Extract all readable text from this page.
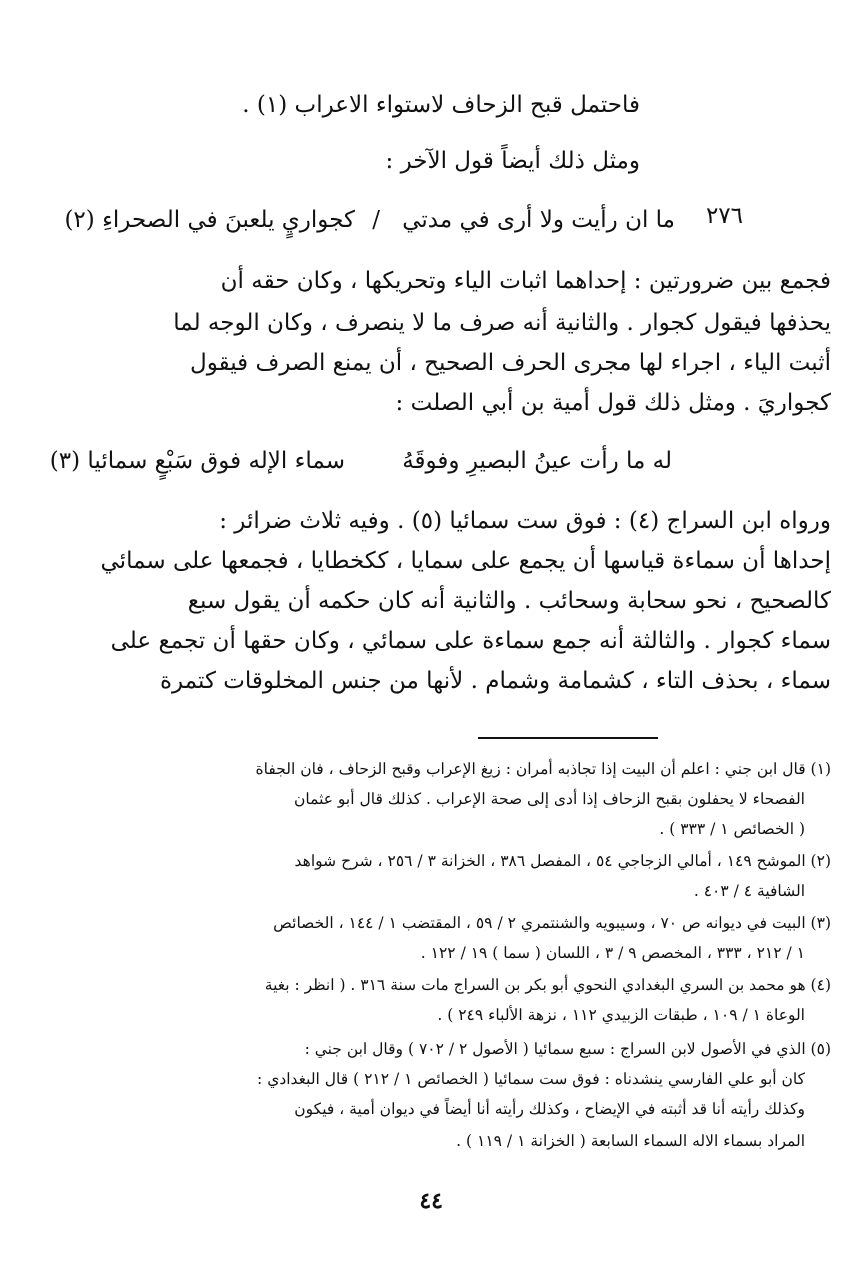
فاحتمل قبح الزحاف لاستواء الاعراب (١) .
ومثل ذلك أيضاً قول الآخر :
٢٧٦
ما ان رأيت ولا أرى في مدتي
/
كجواريٍ يلعبنَ في الصحراءِ (٢)
فجمع بين ضرورتين : إحداهما اثبات الياء وتحريكها ، وكان حقه أن
يحذفها فيقول كجوار . والثانية أنه صرف ما لا ينصرف ، وكان الوجه لما
أثبت الياء ، اجراء لها مجرى الحرف الصحيح ، أن يمنع الصرف فيقول
كجواريَ . ومثل ذلك قول أمية بن أبي الصلت :
له ما رأت عينُ البصيرِ وفوقَهُ
سماء الإله فوق سَبْعٍ سمائيا (٣)
ورواه ابن السراج (٤) : فوق ست سمائيا (٥) . وفيه ثلاث ضرائر :
إحداها أن سماءة قياسها أن يجمع على سمايا ، ككخطايا ، فجمعها على سمائي
كالصحيح ، نحو سحابة وسحائب . والثانية أنه كان حكمه أن يقول سبع
سماء كجوار . والثالثة أنه جمع سماءة على سمائي ، وكان حقها أن تجمع على
سماء ، بحذف التاء ، كشمامة وشمام . لأنها من جنس المخلوقات كتمرة
(١) قال ابن جني : اعلم أن البيت إذا تجاذبه أمران : زيغ الإعراب وقبح الزحاف ، فان الجفاة
الفصحاء لا يحفلون بقبح الزحاف إذا أدى إلى صحة الإعراب . كذلك قال أبو عثمان
( الخصائص ١ / ٣٣٣ ) .
(٢) الموشح ١٤٩ ، أمالي الزجاجي ٥٤ ، المفصل ٣٨٦ ، الخزانة ٣ / ٢٥٦ ، شرح شواهد
الشافية ٤ / ٤٠٣ .
(٣) البيت في ديوانه ص ٧٠ ، وسيبويه والشنتمري ٢ / ٥٩ ، المقتضب ١ / ١٤٤ ، الخصائص
١ / ٢١٢ ، ٣٣٣ ، المخصص ٩ / ٣ ، اللسان ( سما ) ١٩ / ١٢٢ .
(٤) هو محمد بن السري البغدادي النحوي أبو بكر بن السراج مات سنة ٣١٦ . ( انظر : بغية
الوعاة ١ / ١٠٩ ، طبقات الزبيدي ١١٢ ، نزهة الألباء ٢٤٩ ) .
(٥) الذي في الأصول لابن السراج : سبع سمائيا ( الأصول ٢ / ٧٠٢ ) وقال ابن جني :
كان أبو علي الفارسي ينشدناه : فوق ست سمائيا ( الخصائص ١ / ٢١٢ ) قال البغدادي :
وكذلك رأيته أنا قد أثبته في الإيضاح ، وكذلك رأيته أنا أيضاً في ديوان أمية ، فيكون
المراد بسماء الاله السماء السابعة ( الخزانة ١ / ١١٩ ) .
٤٤
